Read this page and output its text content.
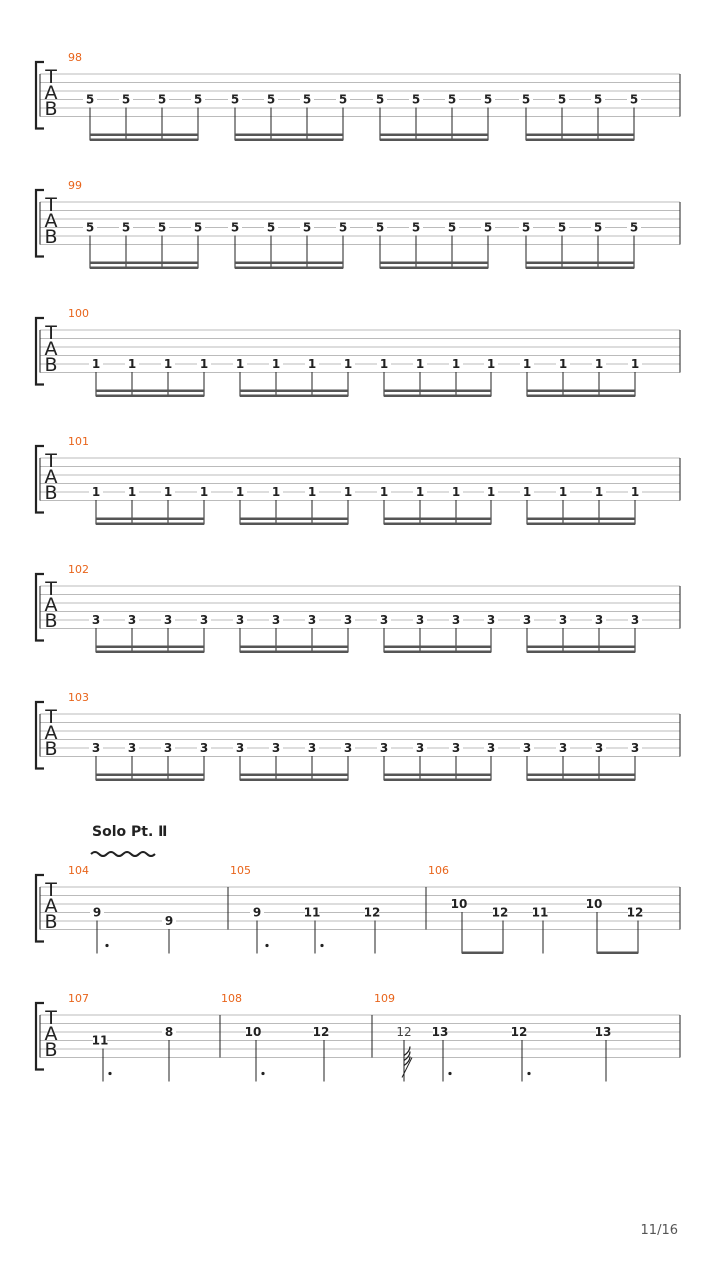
T
A
B
98
5 5 5 5 5 5 5 5 5 5 5 5 5 5 5 5
T
A
B
99
5 5 5 5 5 5 5 5 5 5 5 5 5 5 5 5
T
A
B
100
1 1 1 1 1 1 1 1 1 1 1 1 1 1 1 1
T
A
B
101
1 1 1 1 1 1 1 1 1 1 1 1 1 1 1 1
T
A
B
102
3 3 3 3 3 3 3 3 3 3 3 3 3 3 3 3
T
A
B
103
3 3 3 3 3 3 3 3 3 3 3 3 3 3 3 3
Solo Pt. Ⅱ
T
A
B
104
9
9
105
9	11	12
106
10
12 11
10
12
T
A
B
107
11
8
108
10	12
109
12 13	12	13
11/16
